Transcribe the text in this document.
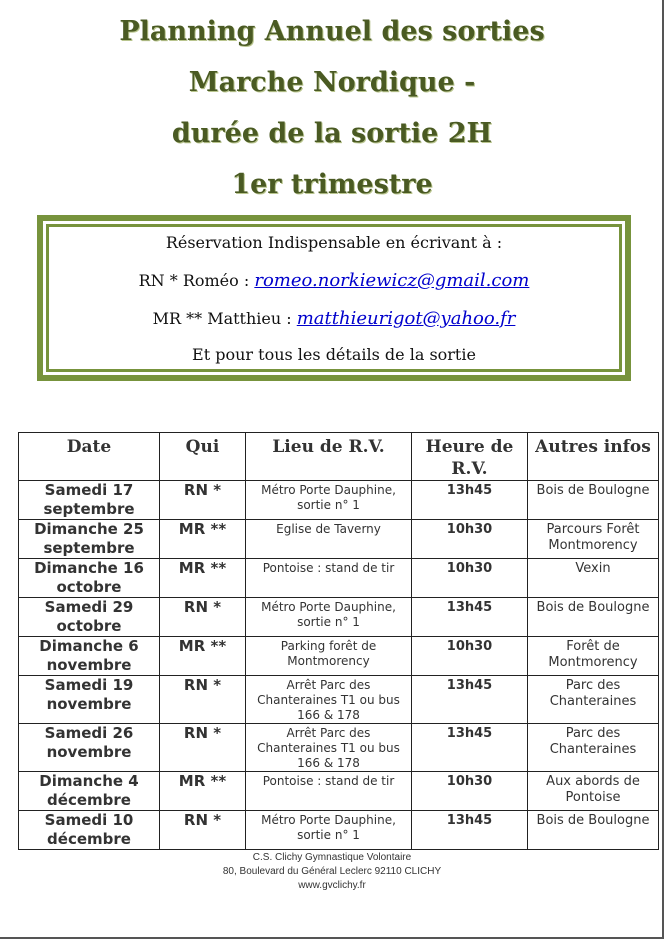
Planning Annuel des sorties
Marche Nordique -
durée de la sortie 2H
1er trimestre
Réservation Indispensable en écrivant à :
RN * Roméo : romeo.norkiewicz@gmail.com
MR ** Matthieu : matthieurigot@yahoo.fr
Et pour tous les détails de la sortie
Date	Qui	Lieu de R.V.	Heure de R.V.	Autres infos
Samedi 17 septembre	RN *	Métro Porte Dauphine, sortie n° 1	13h45	Bois de Boulogne
Dimanche 25 septembre	MR **	Eglise de Taverny	10h30	Parcours Forêt Montmorency
Dimanche 16 octobre	MR **	Pontoise : stand de tir	10h30	Vexin
Samedi 29 octobre	RN *	Métro Porte Dauphine, sortie n° 1	13h45	Bois de Boulogne
Dimanche 6 novembre	MR **	Parking forêt de Montmorency	10h30	Forêt de Montmorency
Samedi 19 novembre	RN *	Arrêt Parc des Chanteraines T1 ou bus 166 & 178	13h45	Parc des Chanteraines
Samedi 26 novembre	RN *	Arrêt Parc des Chanteraines T1 ou bus 166 & 178	13h45	Parc des Chanteraines
Dimanche 4 décembre	MR **	Pontoise : stand de tir	10h30	Aux abords de Pontoise
Samedi 10 décembre	RN *	Métro Porte Dauphine, sortie n° 1	13h45	Bois de Boulogne
C.S. Clichy Gymnastique Volontaire
80, Boulevard du Général Leclerc 92110 CLICHY
www.gvclichy.fr
